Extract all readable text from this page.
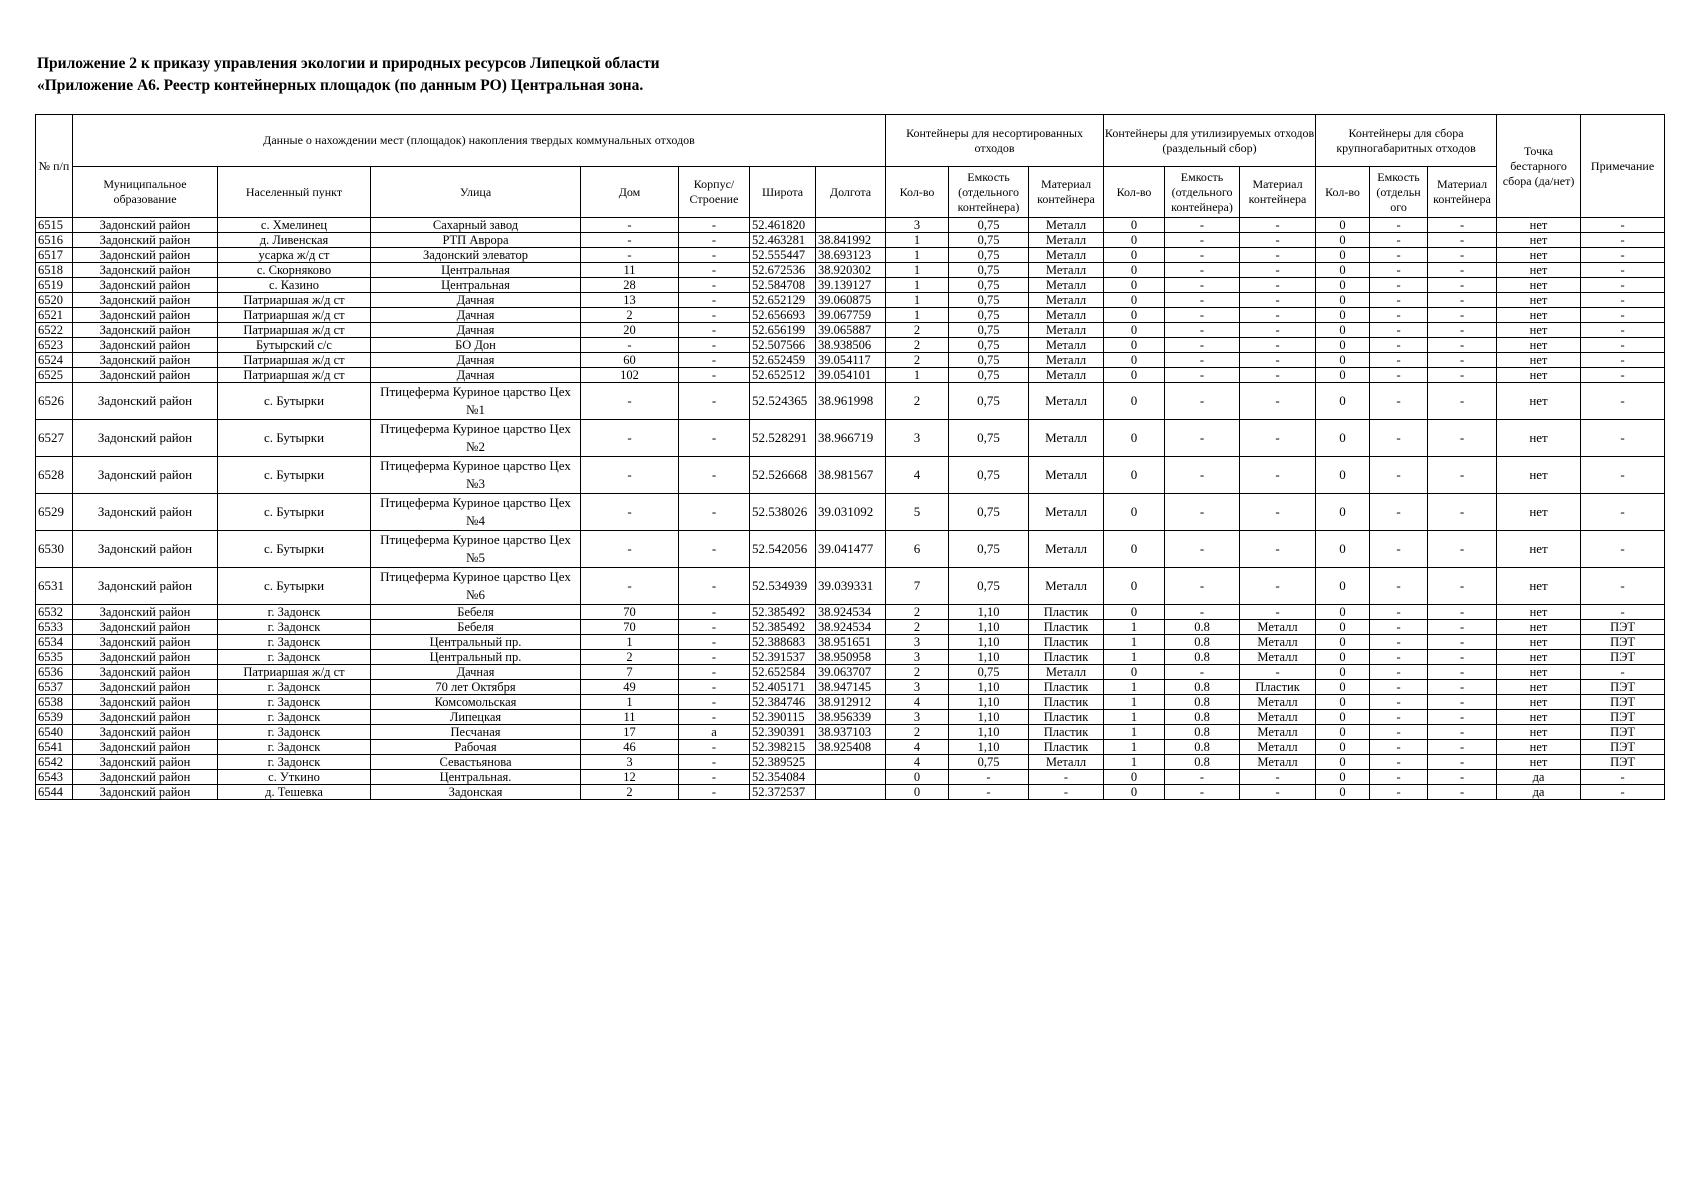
Приложение 2 к приказу управления экологии и природных ресурсов Липецкой области
«Приложение А6. Реестр контейнерных площадок (по данным РО) Центральная зона.
№ п/п	Данные о нахождении мест (площадок) накопления твердых коммунальных отходов							Контейнеры для несортированных отходов			Контейнеры для утилизируемых отходов (раздельный сбор)			Контейнеры для сбора крупногабаритных отходов			Точка бестарного сбора (да/нет)	Примечание
	Муниципальное образование	Населенный пункт	Улица	Дом	Корпус/ Строение	Широта	Долгота	Кол-во	Емкость (отдельного контейнера)	Материал контейнера	Кол-во	Емкость (отдельного контейнера)	Материал контейнера	Кол-во	Емкость (отдельн ого	Материал контейнера		
6515	Задонский район	с. Хмелинец	Сахарный завод	-	-	52.461820		3	0,75	Металл	0	-	-	0	-	-	нет	-
6516	Задонский район	д. Ливенская	РТП Аврора	-	-	52.463281	38.841992	1	0,75	Металл	0	-	-	0	-	-	нет	-
6517	Задонский район	усарка ж/д ст	Задонский элеватор	-	-	52.555447	38.693123	1	0,75	Металл	0	-	-	0	-	-	нет	-
6518	Задонский район	с. Скорняково	Центральная	11	-	52.672536	38.920302	1	0,75	Металл	0	-	-	0	-	-	нет	-
6519	Задонский район	с. Казино	Центральная	28	-	52.584708	39.139127	1	0,75	Металл	0	-	-	0	-	-	нет	-
6520	Задонский район	Патриаршая ж/д ст	Дачная	13	-	52.652129	39.060875	1	0,75	Металл	0	-	-	0	-	-	нет	-
6521	Задонский район	Патриаршая ж/д ст	Дачная	2	-	52.656693	39.067759	1	0,75	Металл	0	-	-	0	-	-	нет	-
6522	Задонский район	Патриаршая ж/д ст	Дачная	20	-	52.656199	39.065887	2	0,75	Металл	0	-	-	0	-	-	нет	-
6523	Задонский район	Бутырский с/с	БО Дон	-	-	52.507566	38.938506	2	0,75	Металл	0	-	-	0	-	-	нет	-
6524	Задонский район	Патриаршая ж/д ст	Дачная	60	-	52.652459	39.054117	2	0,75	Металл	0	-	-	0	-	-	нет	-
6525	Задонский район	Патриаршая ж/д ст	Дачная	102	-	52.652512	39.054101	1	0,75	Металл	0	-	-	0	-	-	нет	-
6526	Задонский район	с. Бутырки	Птицеферма Куриное царство Цех №1	-	-	52.524365	38.961998	2	0,75	Металл	0	-	-	0	-	-	нет	-
6527	Задонский район	с. Бутырки	Птицеферма Куриное царство Цех №2	-	-	52.528291	38.966719	3	0,75	Металл	0	-	-	0	-	-	нет	-
6528	Задонский район	с. Бутырки	Птицеферма Куриное царство Цех №3	-	-	52.526668	38.981567	4	0,75	Металл	0	-	-	0	-	-	нет	-
6529	Задонский район	с. Бутырки	Птицеферма Куриное царство Цех №4	-	-	52.538026	39.031092	5	0,75	Металл	0	-	-	0	-	-	нет	-
6530	Задонский район	с. Бутырки	Птицеферма Куриное царство Цех №5	-	-	52.542056	39.041477	6	0,75	Металл	0	-	-	0	-	-	нет	-
6531	Задонский район	с. Бутырки	Птицеферма Куриное царство Цех №6	-	-	52.534939	39.039331	7	0,75	Металл	0	-	-	0	-	-	нет	-
6532	Задонский район	г. Задонск	Бебеля	70	-	52.385492	38.924534	2	1,10	Пластик	0	-	-	0	-	-	нет	-
6533	Задонский район	г. Задонск	Бебеля	70	-	52.385492	38.924534	2	1,10	Пластик	1	0.8	Металл	0	-	-	нет	ПЭТ
6534	Задонский район	г. Задонск	Центральный пр.	1	-	52.388683	38.951651	3	1,10	Пластик	1	0.8	Металл	0	-	-	нет	ПЭТ
6535	Задонский район	г. Задонск	Центральный пр.	2	-	52.391537	38.950958	3	1,10	Пластик	1	0.8	Металл	0	-	-	нет	ПЭТ
6536	Задонский район	Патриаршая ж/д ст	Дачная	7	-	52.652584	39.063707	2	0,75	Металл	0	-	-	0	-	-	нет	-
6537	Задонский район	г. Задонск	70 лет Октября	49	-	52.405171	38.947145	3	1,10	Пластик	1	0.8	Пластик	0	-	-	нет	ПЭТ
6538	Задонский район	г. Задонск	Комсомольская	1	-	52.384746	38.912912	4	1,10	Пластик	1	0.8	Металл	0	-	-	нет	ПЭТ
6539	Задонский район	г. Задонск	Липецкая	11	-	52.390115	38.956339	3	1,10	Пластик	1	0.8	Металл	0	-	-	нет	ПЭТ
6540	Задонский район	г. Задонск	Песчаная	17	а	52.390391	38.937103	2	1,10	Пластик	1	0.8	Металл	0	-	-	нет	ПЭТ
6541	Задонский район	г. Задонск	Рабочая	46	-	52.398215	38.925408	4	1,10	Пластик	1	0.8	Металл	0	-	-	нет	ПЭТ
6542	Задонский район	г. Задонск	Севастьянова	3	-	52.389525		4	0,75	Металл	1	0.8	Металл	0	-	-	нет	ПЭТ
6543	Задонский район	с. Уткино	Центральная.	12	-	52.354084		0	-	-	0	-	-	0	-	-	да	-
6544	Задонский район	д. Тешевка	Задонская	2	-	52.372537		0	-	-	0	-	-	0	-	-	да	-
